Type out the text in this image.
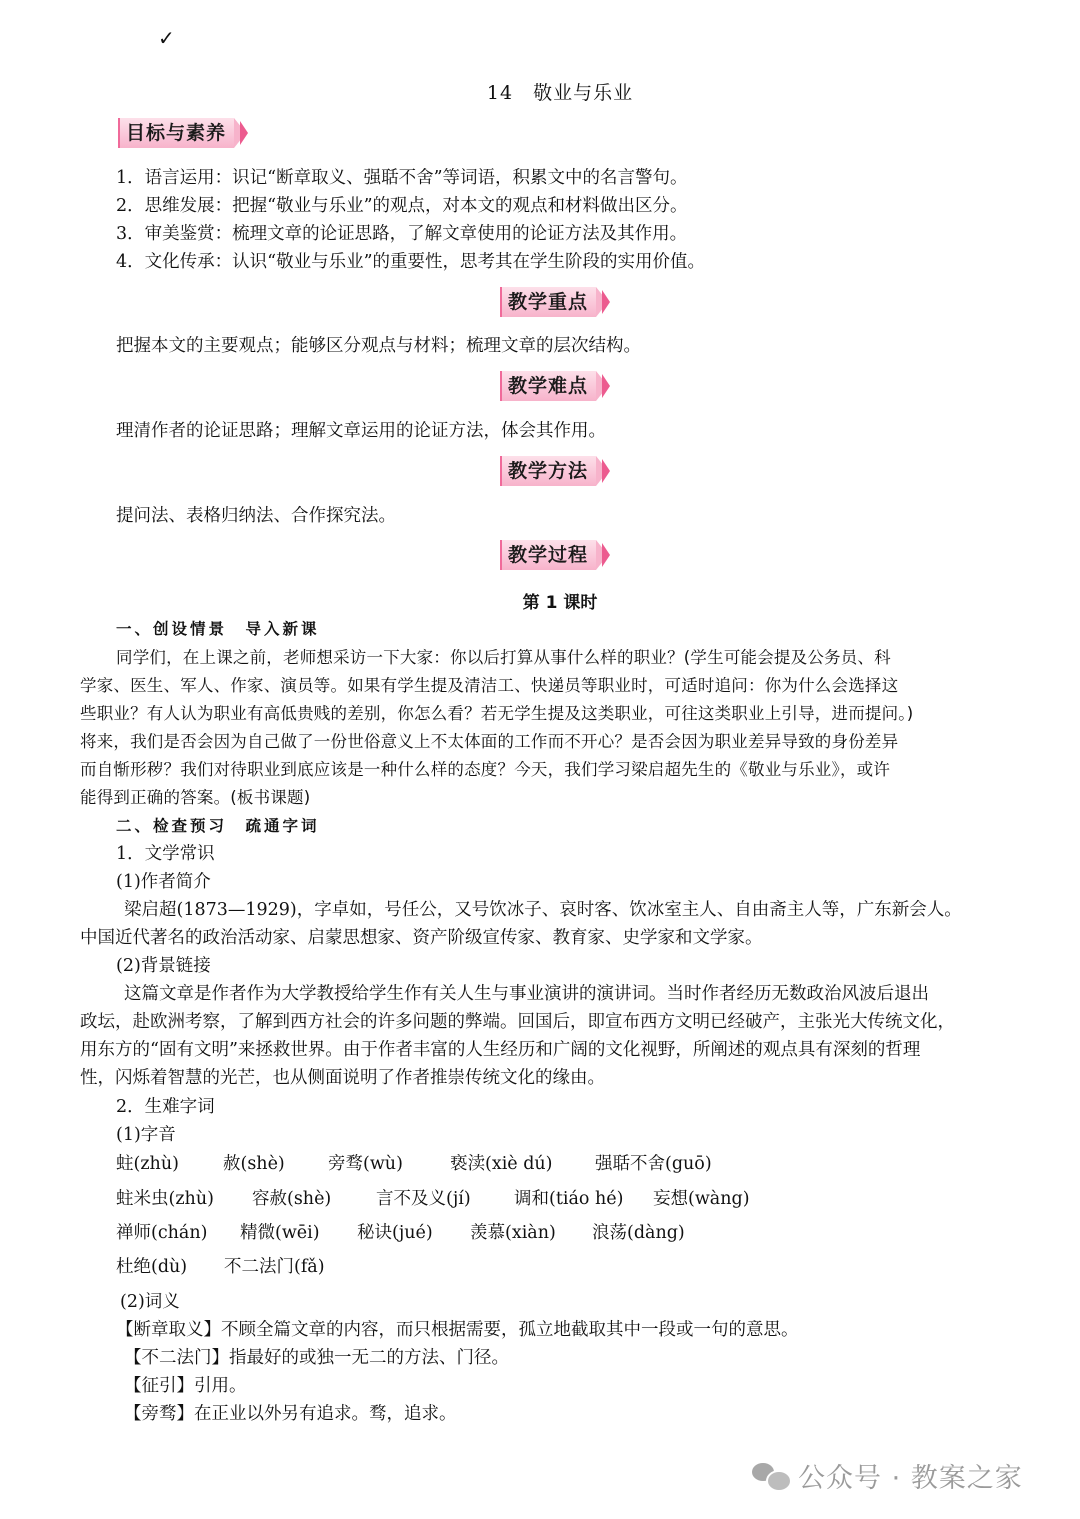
✓
14　敬业与乐业
目标与素养
1．语言运用：识记“断章取义、强聒不舍”等词语，积累文中的名言警句。
2．思维发展：把握“敬业与乐业”的观点，对本文的观点和材料做出区分。
3．审美鉴赏：梳理文章的论证思路，了解文章使用的论证方法及其作用。
4．文化传承：认识“敬业与乐业”的重要性，思考其在学生阶段的实用价值。
教学重点
把握本文的主要观点；能够区分观点与材料；梳理文章的层次结构。
教学难点
理清作者的论证思路；理解文章运用的论证方法，体会其作用。
教学方法
提问法、表格归纳法、合作探究法。
教学过程
第 1 课时
一、创设情景　导入新课
同学们，在上课之前，老师想采访一下大家：你以后打算从事什么样的职业？(学生可能会提及公务员、科
学家、医生、军人、作家、演员等。如果有学生提及清洁工、快递员等职业时，可适时追问：你为什么会选择这
些职业？有人认为职业有高低贵贱的差别，你怎么看？若无学生提及这类职业，可往这类职业上引导，进而提问。)
将来，我们是否会因为自己做了一份世俗意义上不太体面的工作而不开心？是否会因为职业差异导致的身份差异
而自惭形秽？我们对待职业到底应该是一种什么样的态度？今天，我们学习梁启超先生的《敬业与乐业》，或许
能得到正确的答案。(板书课题)
二、检查预习　疏通字词
1．文学常识
(1)作者简介
梁启超(1873—1929)，字卓如，号任公，又号饮冰子、哀时客、饮冰室主人、自由斋主人等，广东新会人。
中国近代著名的政治活动家、启蒙思想家、资产阶级宣传家、教育家、史学家和文学家。
(2)背景链接
这篇文章是作者作为大学教授给学生作有关人生与事业演讲的演讲词。当时作者经历无数政治风波后退出
政坛，赴欧洲考察，了解到西方社会的许多问题的弊端。回国后，即宣布西方文明已经破产，主张光大传统文化，
用东方的“固有文明”来拯救世界。由于作者丰富的人生经历和广阔的文化视野，所阐述的观点具有深刻的哲理
性，闪烁着智慧的光芒，也从侧面说明了作者推崇传统文化的缘由。
2．生难字词
(1)字音
蛀(zhù)	赦(shè) 旁骛(wù)	亵渎(xiè dú) 强聒不舍(guō)
蛀米虫(zhù) 容赦(shè)	言不及义(jí) 调和(tiáo hé) 妄想(wàng)
禅师(chán) 精微(wēi) 秘诀(jué) 羡慕(xiàn) 浪荡(dàng)
杜绝(dù) 不二法门(fǎ)
(2)词义
【断章取义】不顾全篇文章的内容，而只根据需要，孤立地截取其中一段或一句的意思。
【不二法门】指最好的或独一无二的方法、门径。
【征引】引用。
【旁骛】在正业以外另有追求。骛，追求。
公众号 · 教案之家
